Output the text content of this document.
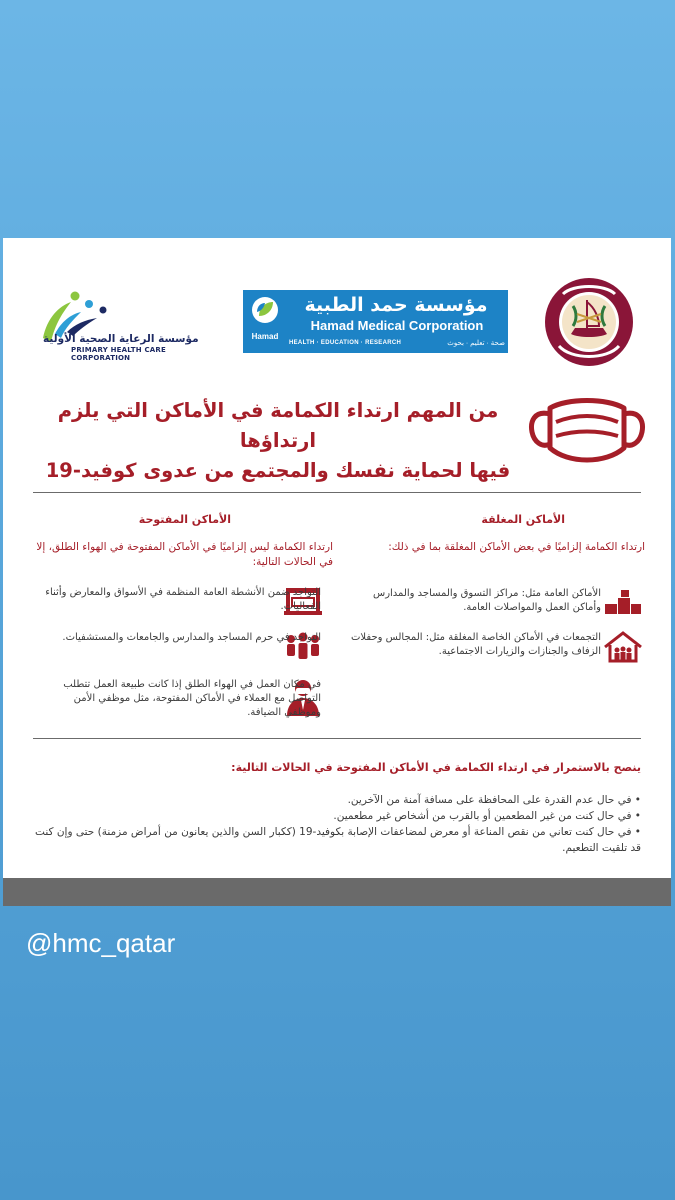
مؤسسة الرعاية الصحية الأولية
PRIMARY HEALTH CARE CORPORATION
Hamad
مؤسسة حمد الطبية
Hamad Medical Corporation
HEALTH · EDUCATION · RESEARCH	صحة · تعليم · بحوث
من المهم ارتداء الكمامة في الأماكن التي يلزم ارتداؤها
فيها لحماية نفسك والمجتمع من عدوى كوفيد-19
الأماكن المغلقة
ارتداء الكمامة إلزاميًا في بعض الأماكن المغلقة بما في ذلك:
الأماكن العامة مثل: مراكز التسوق والمساجد والمدارس وأماكن العمل والمواصلات العامة.
التجمعات في الأماكن الخاصة المغلقة مثل: المجالس وحفلات الزفاف والجنازات والزيارات الاجتماعية.
الأماكن المفتوحة
ارتداء الكمامة ليس إلزاميًا في الأماكن المفتوحة في الهواء الطلق، إلا في الحالات التالية:
التواجد ضمن الأنشطة العامة المنظمة في الأسواق والمعارض وأثناء الفعاليات.
التواجد في حرم المساجد والمدارس والجامعات والمستشفيات.
في مكان العمل في الهواء الطلق إذا كانت طبيعة العمل تتطلب التواصل مع العملاء في الأماكن المفتوحة، مثل موظفي الأمن وموظفي الضيافة.
ينصح بالاستمرار في ارتداء الكمامة في الأماكن المفتوحة في الحالات التالية:
• في حال عدم القدرة على المحافظة على مسافة آمنة من الآخرين.
• في حال كنت من غير المطعمين أو بالقرب من أشخاص غير مطعمين.
• في حال كنت تعاني من نقص المناعة أو معرض لمضاعفات الإصابة بكوفيد-19 (ككبار السن والذين يعانون من أمراض مزمنة) حتى وإن كنت قد تلقيت التطعيم.
@hmc_qatar
